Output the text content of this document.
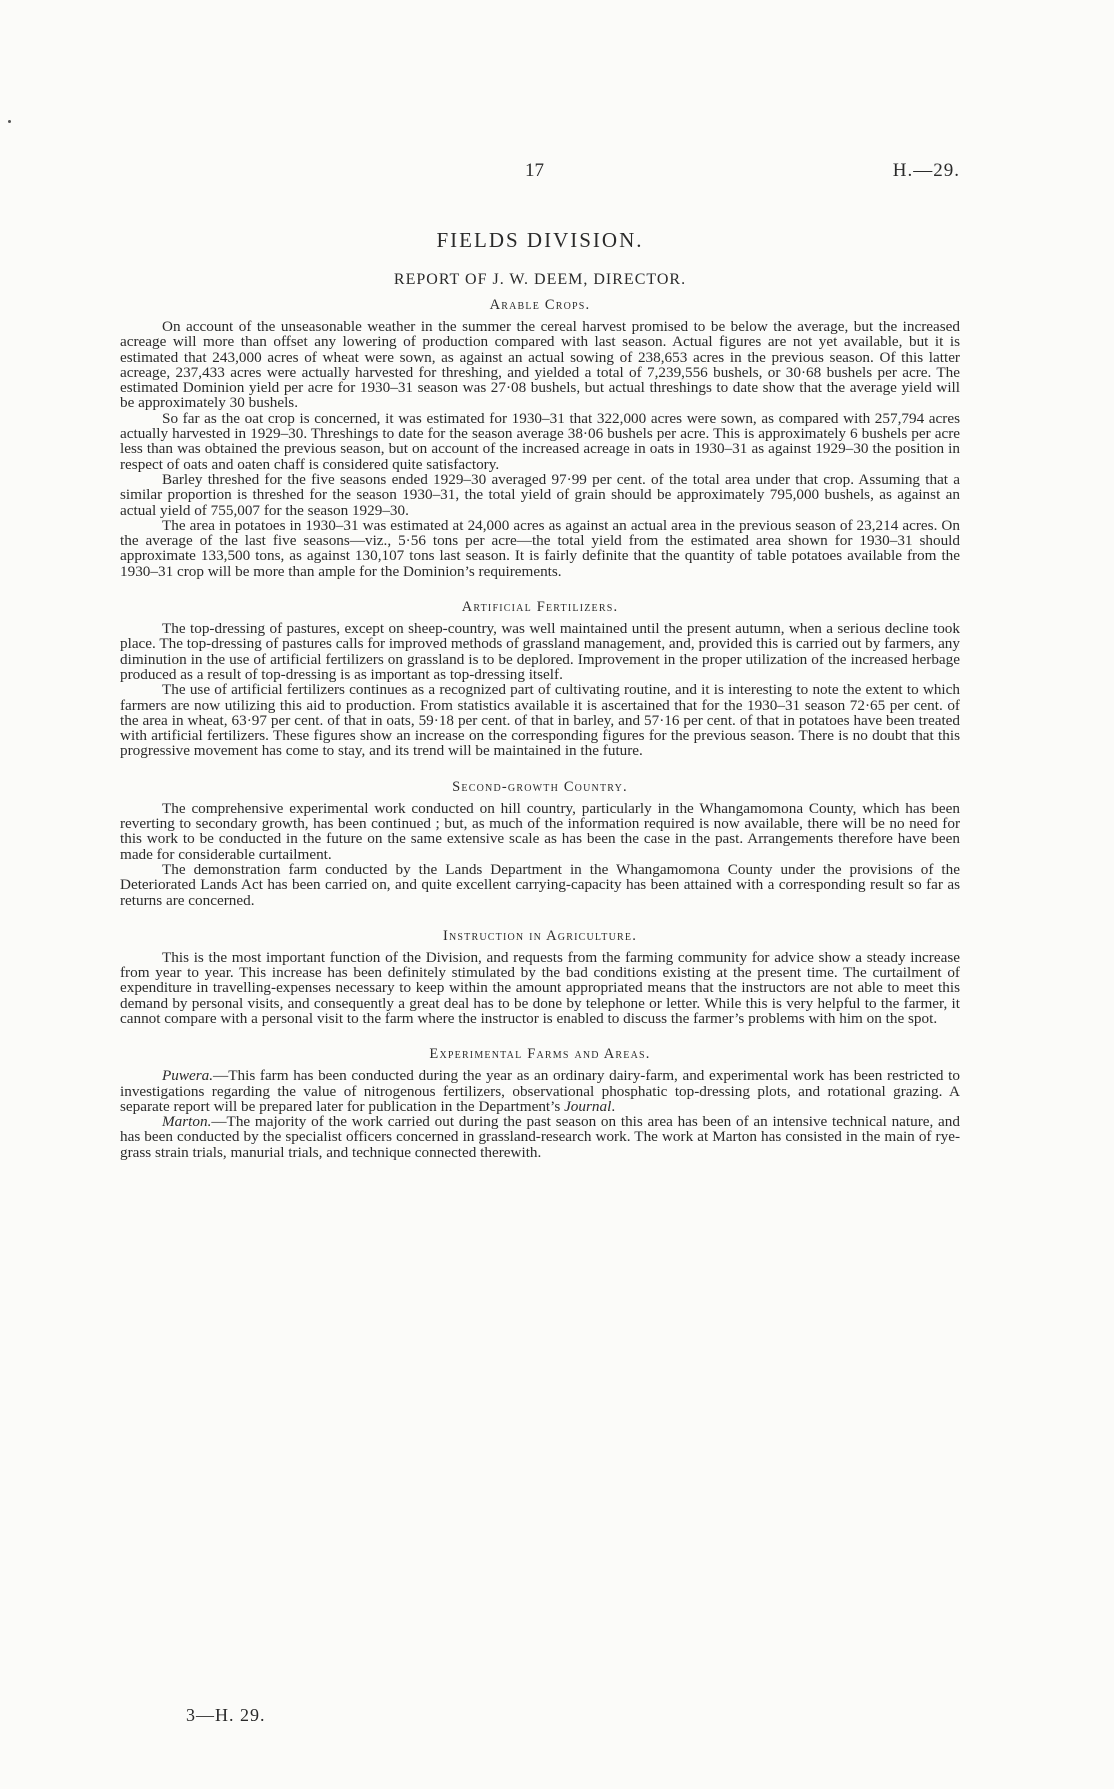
17	H.—29.
FIELDS DIVISION.
REPORT OF J. W. DEEM, DIRECTOR.
Arable Crops.

On account of the unseasonable weather in the summer the cereal harvest promised to be below the average, but the increased acreage will more than offset any lowering of production compared with last season. Actual figures are not yet available, but it is estimated that 243,000 acres of wheat were sown, as against an actual sowing of 238,653 acres in the previous season. Of this latter acreage, 237,433 acres were actually harvested for threshing, and yielded a total of 7,239,556 bushels, or 30·68 bushels per acre. The estimated Dominion yield per acre for 1930–31 season was 27·08 bushels, but actual threshings to date show that the average yield will be approximately 30 bushels.

So far as the oat crop is concerned, it was estimated for 1930–31 that 322,000 acres were sown, as compared with 257,794 acres actually harvested in 1929–30. Threshings to date for the season average 38·06 bushels per acre. This is approximately 6 bushels per acre less than was obtained the previous season, but on account of the increased acreage in oats in 1930–31 as against 1929–30 the position in respect of oats and oaten chaff is considered quite satisfactory.

Barley threshed for the five seasons ended 1929–30 averaged 97·99 per cent. of the total area under that crop. Assuming that a similar proportion is threshed for the season 1930–31, the total yield of grain should be approximately 795,000 bushels, as against an actual yield of 755,007 for the season 1929–30.

The area in potatoes in 1930–31 was estimated at 24,000 acres as against an actual area in the previous season of 23,214 acres. On the average of the last five seasons—viz., 5·56 tons per acre—the total yield from the estimated area shown for 1930–31 should approximate 133,500 tons, as against 130,107 tons last season. It is fairly definite that the quantity of table potatoes available from the 1930–31 crop will be more than ample for the Dominion’s requirements.

Artificial Fertilizers.

The top-dressing of pastures, except on sheep-country, was well maintained until the present autumn, when a serious decline took place. The top-dressing of pastures calls for improved methods of grassland management, and, provided this is carried out by farmers, any diminution in the use of artificial fertilizers on grassland is to be deplored. Improvement in the proper utilization of the increased herbage produced as a result of top-dressing is as important as top-dressing itself.

The use of artificial fertilizers continues as a recognized part of cultivating routine, and it is interesting to note the extent to which farmers are now utilizing this aid to production. From statistics available it is ascertained that for the 1930–31 season 72·65 per cent. of the area in wheat, 63·97 per cent. of that in oats, 59·18 per cent. of that in barley, and 57·16 per cent. of that in potatoes have been treated with artificial fertilizers. These figures show an increase on the corresponding figures for the previous season. There is no doubt that this progressive movement has come to stay, and its trend will be maintained in the future.

Second-growth Country.

The comprehensive experimental work conducted on hill country, particularly in the Whangamomona County, which has been reverting to secondary growth, has been continued ; but, as much of the information required is now available, there will be no need for this work to be conducted in the future on the same extensive scale as has been the case in the past. Arrangements therefore have been made for considerable curtailment.

The demonstration farm conducted by the Lands Department in the Whangamomona County under the provisions of the Deteriorated Lands Act has been carried on, and quite excellent carrying-capacity has been attained with a corresponding result so far as returns are concerned.

Instruction in Agriculture.

This is the most important function of the Division, and requests from the farming community for advice show a steady increase from year to year. This increase has been definitely stimulated by the bad conditions existing at the present time. The curtailment of expenditure in travelling-expenses necessary to keep within the amount appropriated means that the instructors are not able to meet this demand by personal visits, and consequently a great deal has to be done by telephone or letter. While this is very helpful to the farmer, it cannot compare with a personal visit to the farm where the instructor is enabled to discuss the farmer’s problems with him on the spot.

Experimental Farms and Areas.

Puwera.—This farm has been conducted during the year as an ordinary dairy-farm, and experimental work has been restricted to investigations regarding the value of nitrogenous fertilizers, observational phosphatic top-dressing plots, and rotational grazing. A separate report will be prepared later for publication in the Department’s Journal.

Marton.—The majority of the work carried out during the past season on this area has been of an intensive technical nature, and has been conducted by the specialist officers concerned in grassland-research work. The work at Marton has consisted in the main of rye-grass strain trials, manurial trials, and technique connected therewith.

3—H. 29.
